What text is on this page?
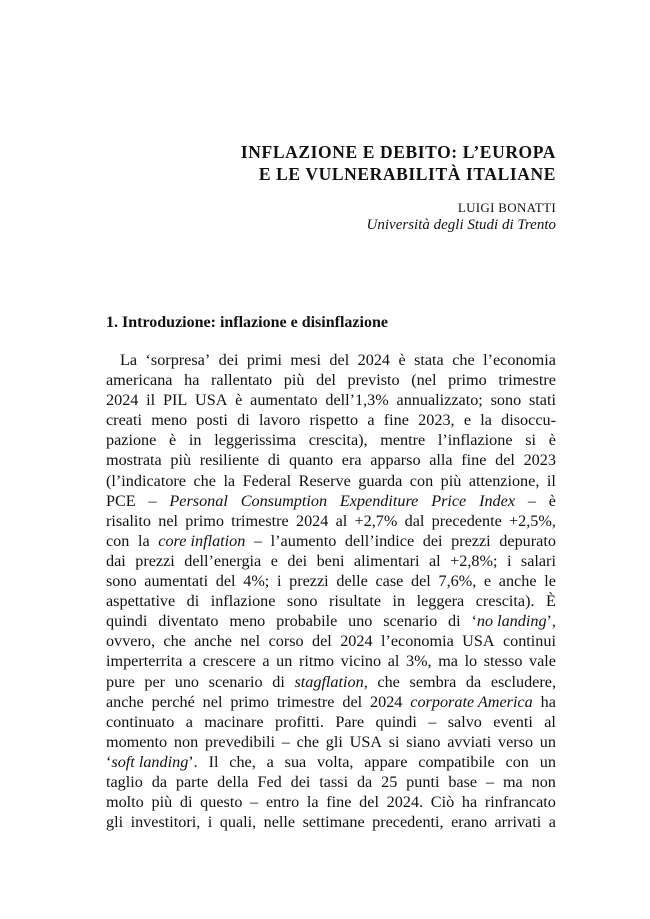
INFLAZIONE E DEBITO: L’EUROPA
E LE VULNERABILITÀ ITALIANE
LUIGI BONATTI
Università degli Studi di Trento
1. Introduzione: inflazione e disinflazione
La ‘sorpresa’ dei primi mesi del 2024 è stata che l’economia
americana ha rallentato più del previsto (nel primo trimestre
2024 il PIL USA è aumentato dell’1,3% annualizzato; sono stati
creati meno posti di lavoro rispetto a fine 2023, e la disoccu-
pazione è in leggerissima crescita), mentre l’inflazione si è
mostrata più resiliente di quanto era apparso alla fine del 2023
(l’indicatore che la Federal Reserve guarda con più attenzione, il
PCE – Personal Consumption Expenditure Price Index – è
risalito nel primo trimestre 2024 al +2,7% dal precedente +2,5%,
con la core inflation – l’aumento dell’indice dei prezzi depurato
dai prezzi dell’energia e dei beni alimentari al +2,8%; i salari
sono aumentati del 4%; i prezzi delle case del 7,6%, e anche le
aspettative di inflazione sono risultate in leggera crescita). È
quindi diventato meno probabile uno scenario di ‘no landing’,
ovvero, che anche nel corso del 2024 l’economia USA continui
imperterrita a crescere a un ritmo vicino al 3%, ma lo stesso vale
pure per uno scenario di stagflation, che sembra da escludere,
anche perché nel primo trimestre del 2024 corporate America ha
continuato a macinare profitti. Pare quindi – salvo eventi al
momento non prevedibili – che gli USA si siano avviati verso un
‘soft landing’. Il che, a sua volta, appare compatibile con un
taglio da parte della Fed dei tassi da 25 punti base – ma non
molto più di questo – entro la fine del 2024. Ciò ha rinfrancato
gli investitori, i quali, nelle settimane precedenti, erano arrivati a
